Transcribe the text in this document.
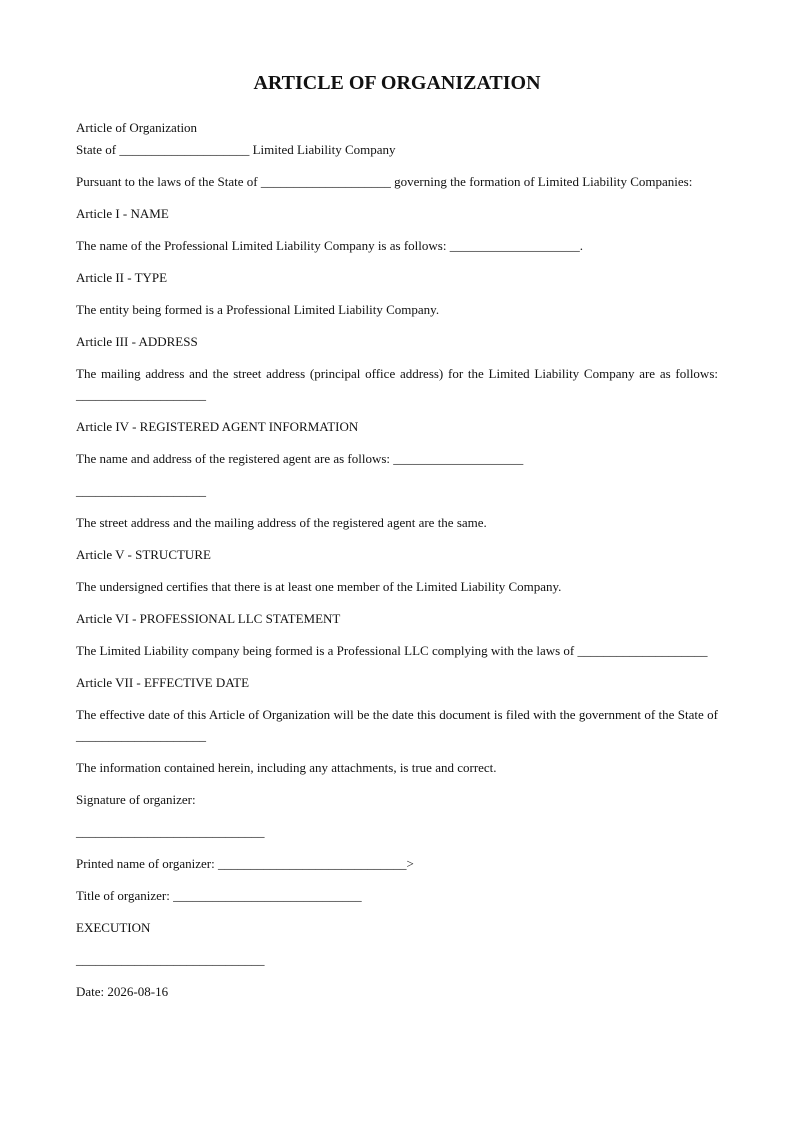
ARTICLE OF ORGANIZATION

Article of Organization

State of ____________________ Limited Liability Company

Pursuant to the laws of the State of ____________________ governing the formation of Limited Liability Companies:

Article I - NAME

The name of the Professional Limited Liability Company is as follows: ____________________.

Article II - TYPE

The entity being formed is a Professional Limited Liability Company.

Article III - ADDRESS

The mailing address and the street address (principal office address) for the Limited Liability Company are as follows:

____________________

Article IV - REGISTERED AGENT INFORMATION

The name and address of the registered agent are as follows: ____________________

____________________

The street address and the mailing address of the registered agent are the same.

Article V - STRUCTURE

The undersigned certifies that there is at least one member of the Limited Liability Company.

Article VI - PROFESSIONAL LLC STATEMENT

The Limited Liability company being formed is a Professional LLC complying with the laws of ____________________

Article VII - EFFECTIVE DATE

The effective date of this Article of Organization will be the date this document is filed with the government of the State of

____________________

The information contained herein, including any attachments, is true and correct.

Signature of organizer:

_____________________________

Printed name of organizer: _____________________________>

Title of organizer: _____________________________

EXECUTION

_____________________________

Date: 2026-08-16
